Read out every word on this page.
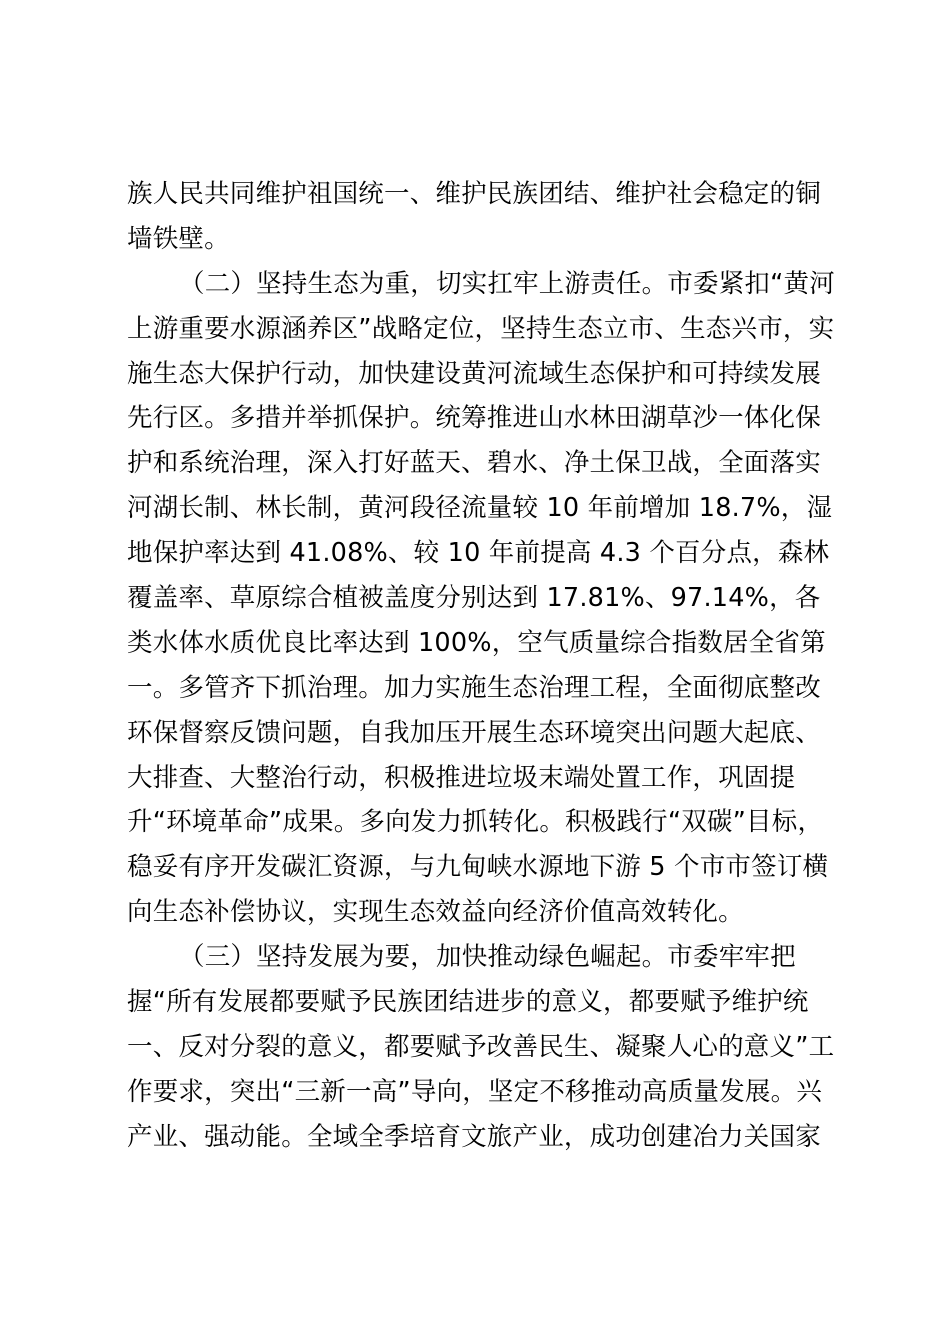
族人民共同维护祖国统一、维护民族团结、维护社会稳定的铜
墙铁壁。
（二）坚持生态为重，切实扛牢上游责任。市委紧扣“黄河
上游重要水源涵养区”战略定位，坚持生态立市、生态兴市，实
施生态大保护行动，加快建设黄河流域生态保护和可持续发展
先行区。多措并举抓保护。统筹推进山水林田湖草沙一体化保
护和系统治理，深入打好蓝天、碧水、净土保卫战，全面落实
河湖长制、林长制，黄河段径流量较 10 年前增加 18.7%，湿
地保护率达到 41.08%、较 10 年前提高 4.3 个百分点，森林
覆盖率、草原综合植被盖度分别达到 17.81%、97.14%，各
类水体水质优良比率达到 100%，空气质量综合指数居全省第
一。多管齐下抓治理。加力实施生态治理工程，全面彻底整改
环保督察反馈问题，自我加压开展生态环境突出问题大起底、
大排查、大整治行动，积极推进垃圾末端处置工作，巩固提
升“环境革命”成果。多向发力抓转化。积极践行“双碳”目标，
稳妥有序开发碳汇资源，与九甸峡水源地下游 5 个市市签订横
向生态补偿协议，实现生态效益向经济价值高效转化。
（三）坚持发展为要，加快推动绿色崛起。市委牢牢把
握“所有发展都要赋予民族团结进步的意义，都要赋予维护统
一、反对分裂的意义，都要赋予改善民生、凝聚人心的意义”工
作要求，突出“三新一高”导向，坚定不移推动高质量发展。兴
产业、强动能。全域全季培育文旅产业，成功创建冶力关国家
